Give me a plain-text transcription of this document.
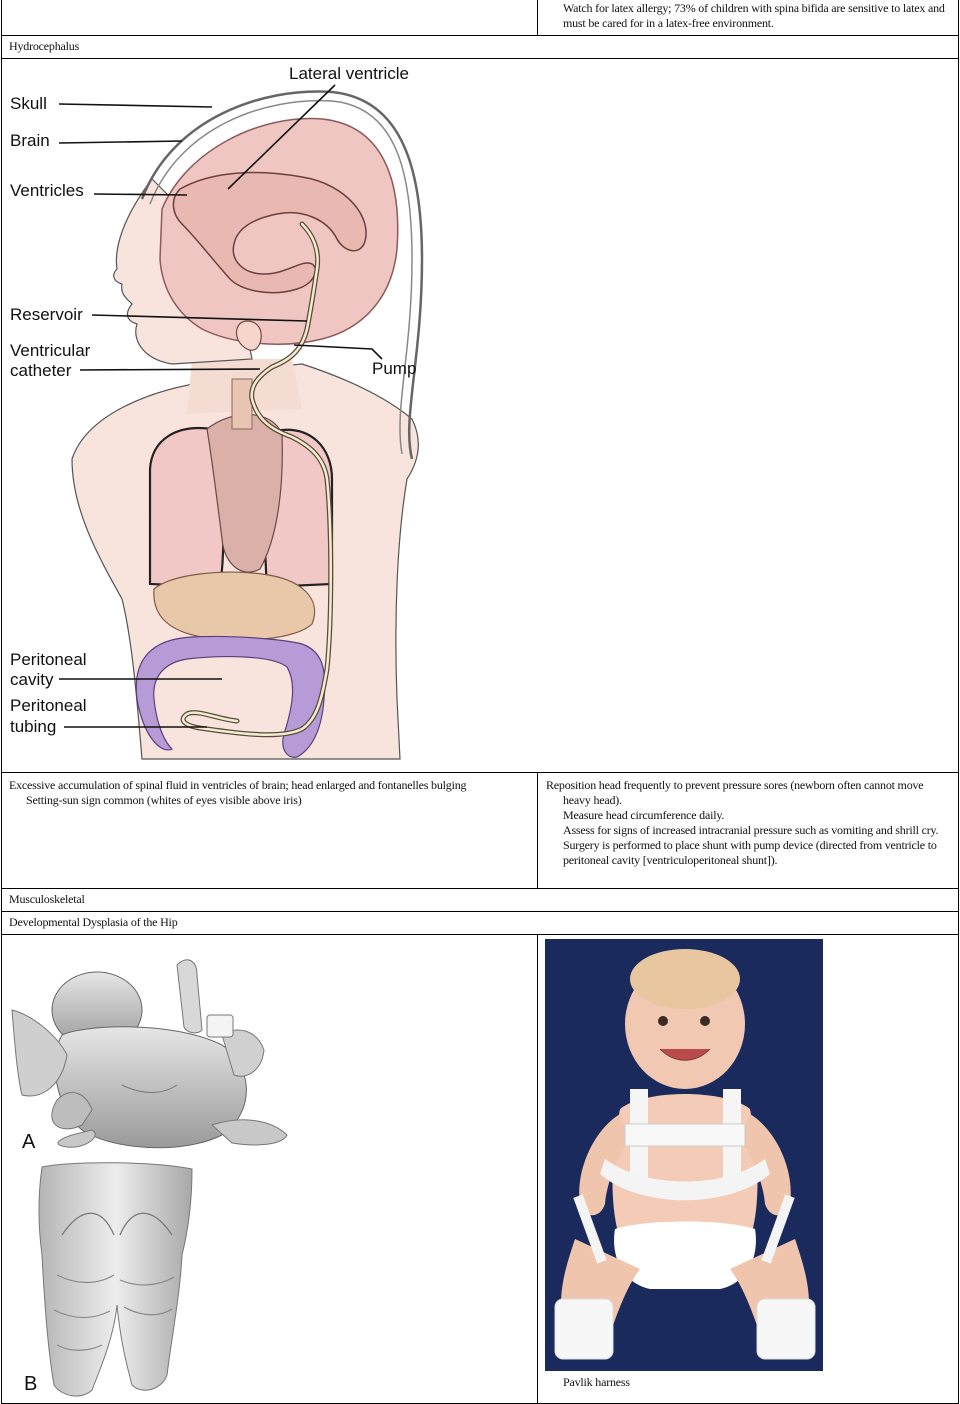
Watch for latex allergy; 73% of children with spina bifida are sensitive to latex and must be cared for in a latex-free environment.
Hydrocephalus
Skull
Brain
Ventricles
Lateral ventricle
Reservoir
Ventricular
catheter	Pump
Peritoneal
cavity
Peritoneal
tubing
Excessive accumulation of spinal fluid in ventricles of brain; head enlarged and fontanelles bulging
Setting-sun sign common (whites of eyes visible above iris)
Reposition head frequently to prevent pressure sores (newborn often cannot move heavy head).
Measure head circumference daily.
Assess for signs of increased intracranial pressure such as vomiting and shrill cry.
Surgery is performed to place shunt with pump device (directed from ventricle to peritoneal cavity [ventriculoperitoneal shunt]).
Musculoskeletal
Developmental Dysplasia of the Hip
A
B	Pavlik harness
